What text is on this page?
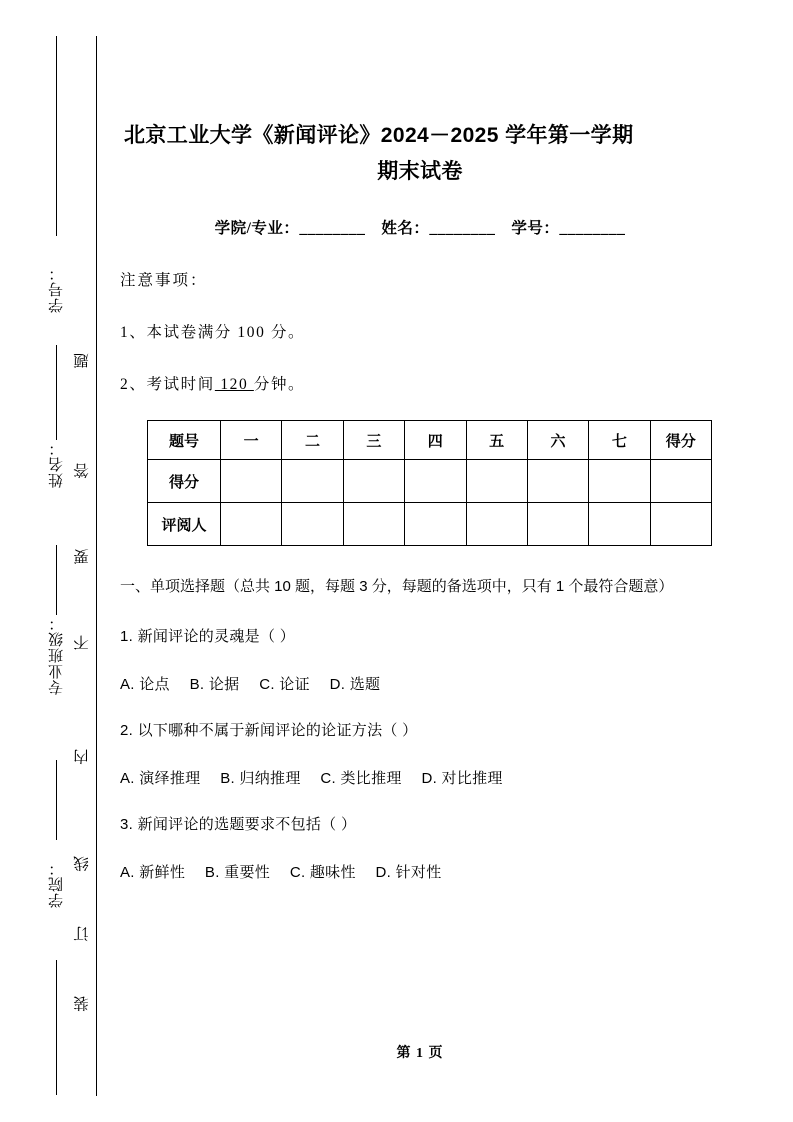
学号：
姓名：
专业班级：
学院：
题
答
要
不
内
线
订
装
北京工业大学《新闻评论》2024－2025 学年第一学期
期末试卷
学院/专业：________ 姓名：________ 学号：________
注意事项：
1、本试卷满分 100 分。
2、考试时间 120 分钟。
题号	一	二	三	四	五	六	七	得分
得分								
评阅人								
一、单项选择题（总共 10 题，每题 3 分，每题的备选项中，只有 1 个最符合题意）
1. 新闻评论的灵魂是（ ）
A. 论点　 B. 论据　 C. 论证　 D. 选题
2. 以下哪种不属于新闻评论的论证方法（ ）
A. 演绎推理　 B. 归纳推理　 C. 类比推理　 D. 对比推理
3. 新闻评论的选题要求不包括（ ）
A. 新鲜性　 B. 重要性　 C. 趣味性　 D. 针对性
第 1 页
